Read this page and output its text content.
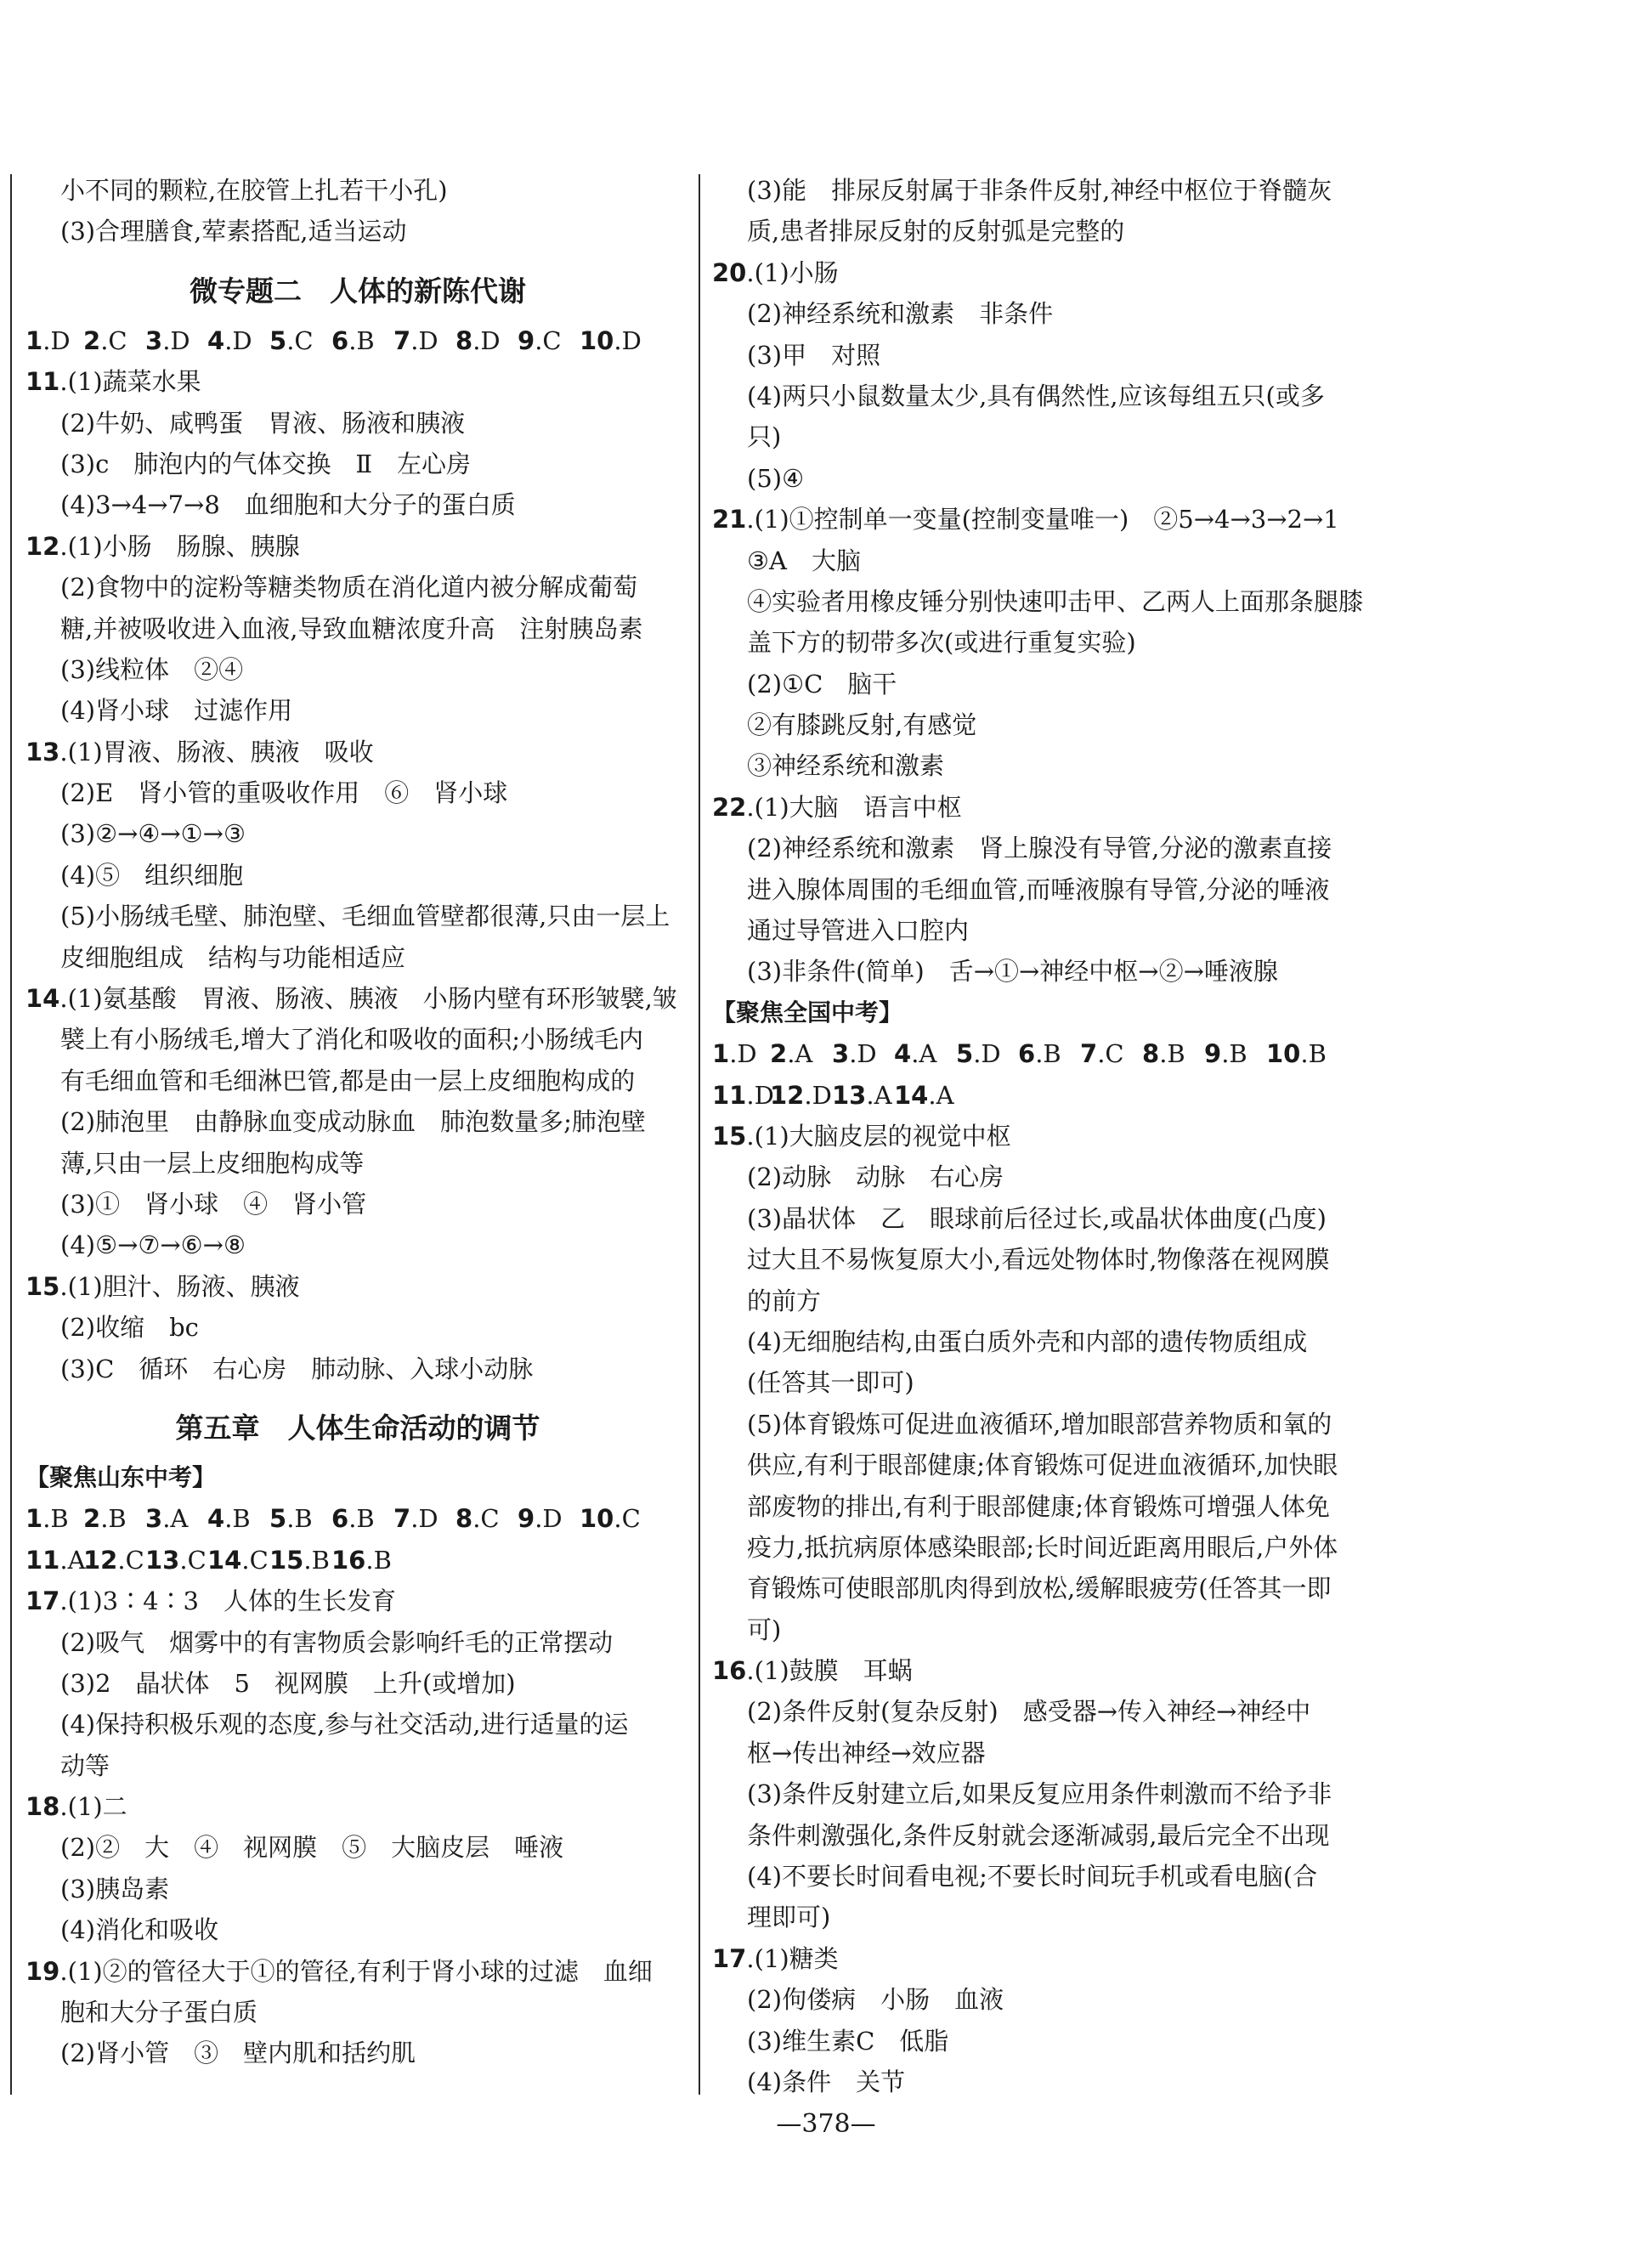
小不同的颗粒,在胶管上扎若干小孔)
(3)合理膳食,荤素搭配,适当运动
微专题二　人体的新陈代谢
1.D 2.C 3.D 4.D 5.C 6.B 7.D 8.D 9.C 10.D
11.(1)蔬菜水果
(2)牛奶、咸鸭蛋　胃液、肠液和胰液
(3)c　肺泡内的气体交换　Ⅱ　左心房
(4)3→4→7→8　血细胞和大分子的蛋白质
12.(1)小肠　肠腺、胰腺
(2)食物中的淀粉等糖类物质在消化道内被分解成葡萄
糖,并被吸收进入血液,导致血糖浓度升高　注射胰岛素
(3)线粒体　②④
(4)肾小球　过滤作用
13.(1)胃液、肠液、胰液　吸收
(2)E　肾小管的重吸收作用　⑥　肾小球
(3)②→④→①→③
(4)⑤　组织细胞
(5)小肠绒毛壁、肺泡壁、毛细血管壁都很薄,只由一层上
皮细胞组成　结构与功能相适应
14.(1)氨基酸　胃液、肠液、胰液　小肠内壁有环形皱襞,皱
襞上有小肠绒毛,增大了消化和吸收的面积;小肠绒毛内
有毛细血管和毛细淋巴管,都是由一层上皮细胞构成的
(2)肺泡里　由静脉血变成动脉血　肺泡数量多;肺泡壁
薄,只由一层上皮细胞构成等
(3)①　肾小球　④　肾小管
(4)⑤→⑦→⑥→⑧
15.(1)胆汁、肠液、胰液
(2)收缩　bc
(3)C　循环　右心房　肺动脉、入球小动脉
第五章　人体生命活动的调节
【聚焦山东中考】
1.B 2.B 3.A 4.B 5.B 6.B 7.D 8.C 9.D 10.C
11.A
12.C 13.C 14.C 15.B 16.B
17.(1)3∶4∶3　人体的生长发育
(2)吸气　烟雾中的有害物质会影响纤毛的正常摆动
(3)2　晶状体　5　视网膜　上升(或增加)
(4)保持积极乐观的态度,参与社交活动,进行适量的运
动等
18.(1)二
(2)②　大　④　视网膜　⑤　大脑皮层　唾液
(3)胰岛素
(4)消化和吸收
19.(1)②的管径大于①的管径,有利于肾小球的过滤　血细
胞和大分子蛋白质
(2)肾小管　③　壁内肌和括约肌
(3)能　排尿反射属于非条件反射,神经中枢位于脊髓灰
质,患者排尿反射的反射弧是完整的
20.(1)小肠
(2)神经系统和激素　非条件
(3)甲　对照
(4)两只小鼠数量太少,具有偶然性,应该每组五只(或多
只)
(5)④
21.(1)①控制单一变量(控制变量唯一)　②5→4→3→2→1
③A　大脑
④实验者用橡皮锤分别快速叩击甲、乙两人上面那条腿膝
盖下方的韧带多次(或进行重复实验)
(2)①C　脑干
②有膝跳反射,有感觉
③神经系统和激素
22.(1)大脑　语言中枢
(2)神经系统和激素　肾上腺没有导管,分泌的激素直接
进入腺体周围的毛细血管,而唾液腺有导管,分泌的唾液
通过导管进入口腔内
(3)非条件(简单)　舌→①→神经中枢→②→唾液腺
【聚焦全国中考】
1.D 2.A 3.D 4.A 5.D 6.B 7.C 8.B 9.B 10.B
11.D
12.D 13.A 14.A
15.(1)大脑皮层的视觉中枢
(2)动脉　动脉　右心房
(3)晶状体　乙　眼球前后径过长,或晶状体曲度(凸度)
过大且不易恢复原大小,看远处物体时,物像落在视网膜
的前方
(4)无细胞结构,由蛋白质外壳和内部的遗传物质组成
(任答其一即可)
(5)体育锻炼可促进血液循环,增加眼部营养物质和氧的
供应,有利于眼部健康;体育锻炼可促进血液循环,加快眼
部废物的排出,有利于眼部健康;体育锻炼可增强人体免
疫力,抵抗病原体感染眼部;长时间近距离用眼后,户外体
育锻炼可使眼部肌肉得到放松,缓解眼疲劳(任答其一即
可)
16.(1)鼓膜　耳蜗
(2)条件反射(复杂反射)　感受器→传入神经→神经中
枢→传出神经→效应器
(3)条件反射建立后,如果反复应用条件刺激而不给予非
条件刺激强化,条件反射就会逐渐减弱,最后完全不出现
(4)不要长时间看电视;不要长时间玩手机或看电脑(合
理即可)
17.(1)糖类
(2)佝偻病　小肠　血液
(3)维生素C　低脂
(4)条件　关节
—378—
